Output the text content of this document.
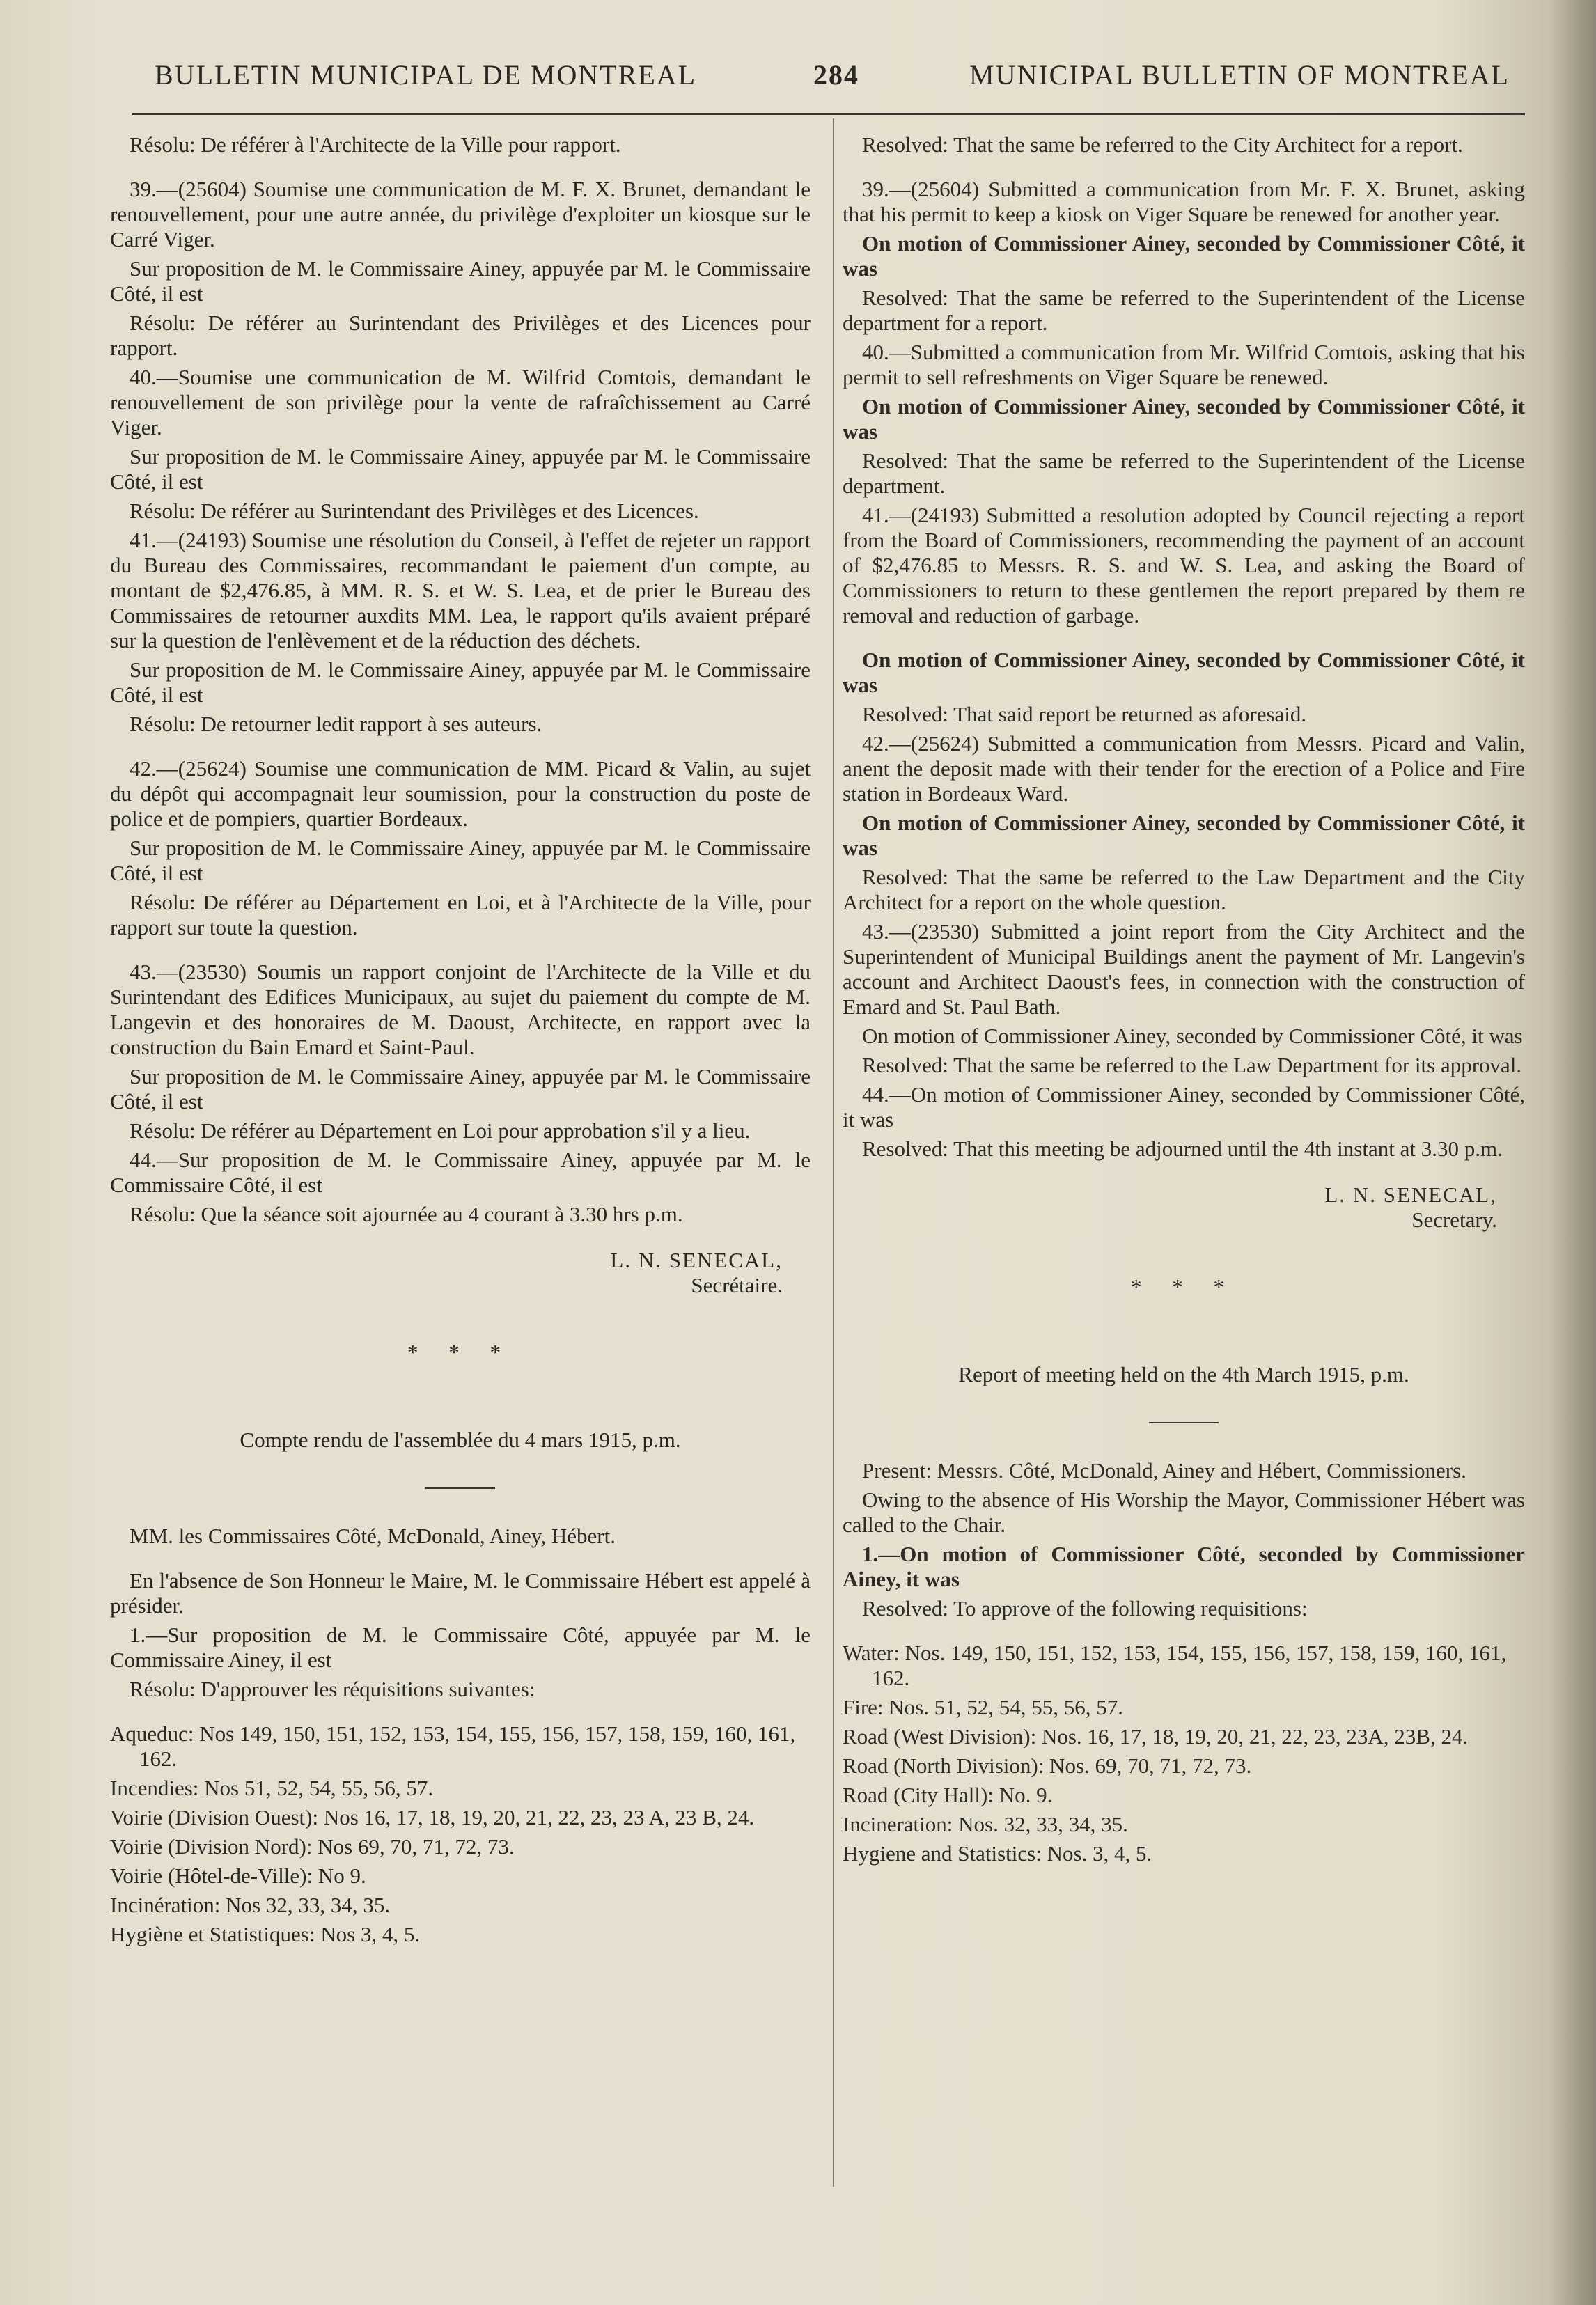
BULLETIN MUNICIPAL DE MONTREAL	284	MUNICIPAL BULLETIN OF MONTREAL

Résolu: De référer à l'Architecte de la Ville pour rapport.

39.—(25604) Soumise une communication de M. F. X. Brunet, demandant le renouvellement, pour une autre année, du privilège d'exploiter un kiosque sur le Carré Viger.

Sur proposition de M. le Commissaire Ainey, appuyée par M. le Commissaire Côté, il est

Résolu: De référer au Surintendant des Privilèges et des Licences pour rapport.

40.—Soumise une communication de M. Wilfrid Comtois, demandant le renouvellement de son privilège pour la vente de rafraîchissement au Carré Viger.

Sur proposition de M. le Commissaire Ainey, appuyée par M. le Commissaire Côté, il est

Résolu: De référer au Surintendant des Privilèges et des Licences.

41.—(24193) Soumise une résolution du Conseil, à l'effet de rejeter un rapport du Bureau des Commissaires, recommandant le paiement d'un compte, au montant de $2,476.85, à MM. R. S. et W. S. Lea, et de prier le Bureau des Commissaires de retourner auxdits MM. Lea, le rapport qu'ils avaient préparé sur la question de l'enlèvement et de la réduction des déchets.

Sur proposition de M. le Commissaire Ainey, appuyée par M. le Commissaire Côté, il est

Résolu: De retourner ledit rapport à ses auteurs.

42.—(25624) Soumise une communication de MM. Picard & Valin, au sujet du dépôt qui accompagnait leur soumission, pour la construction du poste de police et de pompiers, quartier Bordeaux.

Sur proposition de M. le Commissaire Ainey, appuyée par M. le Commissaire Côté, il est

Résolu: De référer au Département en Loi, et à l'Architecte de la Ville, pour rapport sur toute la question.

43.—(23530) Soumis un rapport conjoint de l'Architecte de la Ville et du Surintendant des Edifices Municipaux, au sujet du paiement du compte de M. Langevin et des honoraires de M. Daoust, Architecte, en rapport avec la construction du Bain Emard et Saint-Paul.

Sur proposition de M. le Commissaire Ainey, appuyée par M. le Commissaire Côté, il est

Résolu: De référer au Département en Loi pour approbation s'il y a lieu.

44.—Sur proposition de M. le Commissaire Ainey, appuyée par M. le Commissaire Côté, il est

Résolu: Que la séance soit ajournée au 4 courant à 3.30 hrs p.m.

L. N. SENECAL,

Secrétaire.

* * *

Compte rendu de l'assemblée du 4 mars 1915, p.m.

MM. les Commissaires Côté, McDonald, Ainey, Hébert.

En l'absence de Son Honneur le Maire, M. le Commissaire Hébert est appelé à présider.

1.—Sur proposition de M. le Commissaire Côté, appuyée par M. le Commissaire Ainey, il est

Résolu: D'approuver les réquisitions suivantes:

Aqueduc: Nos 149, 150, 151, 152, 153, 154, 155, 156, 157, 158, 159, 160, 161, 162.

Incendies: Nos 51, 52, 54, 55, 56, 57.

Voirie (Division Ouest): Nos 16, 17, 18, 19, 20, 21, 22, 23, 23 A, 23 B, 24.

Voirie (Division Nord): Nos 69, 70, 71, 72, 73.

Voirie (Hôtel-de-Ville): No 9.

Incinération: Nos 32, 33, 34, 35.

Hygiène et Statistiques: Nos 3, 4, 5.

Resolved: That the same be referred to the City Architect for a report.

39.—(25604) Submitted a communication from Mr. F. X. Brunet, asking that his permit to keep a kiosk on Viger Square be renewed for another year.

On motion of Commissioner Ainey, seconded by Commissioner Côté, it was

Resolved: That the same be referred to the Superintendent of the License department for a report.

40.—Submitted a communication from Mr. Wilfrid Comtois, asking that his permit to sell refreshments on Viger Square be renewed.

On motion of Commissioner Ainey, seconded by Commissioner Côté, it was

Resolved: That the same be referred to the Superintendent of the License department.

41.—(24193) Submitted a resolution adopted by Council rejecting a report from the Board of Commissioners, recommending the payment of an account of $2,476.85 to Messrs. R. S. and W. S. Lea, and asking the Board of Commissioners to return to these gentlemen the report prepared by them re removal and reduction of garbage.

On motion of Commissioner Ainey, seconded by Commissioner Côté, it was

Resolved: That said report be returned as aforesaid.

42.—(25624) Submitted a communication from Messrs. Picard and Valin, anent the deposit made with their tender for the erection of a Police and Fire station in Bordeaux Ward.

On motion of Commissioner Ainey, seconded by Commissioner Côté, it was

Resolved: That the same be referred to the Law Department and the City Architect for a report on the whole question.

43.—(23530) Submitted a joint report from the City Architect and the Superintendent of Municipal Buildings anent the payment of Mr. Langevin's account and Architect Daoust's fees, in connection with the construction of Emard and St. Paul Bath.

On motion of Commissioner Ainey, seconded by Commissioner Côté, it was

Resolved: That the same be referred to the Law Department for its approval.

44.—On motion of Commissioner Ainey, seconded by Commissioner Côté, it was

Resolved: That this meeting be adjourned until the 4th instant at 3.30 p.m.

L. N. SENECAL,

Secretary.

* * *

Report of meeting held on the 4th March 1915, p.m.

Present: Messrs. Côté, McDonald, Ainey and Hébert, Commissioners.

Owing to the absence of His Worship the Mayor, Commissioner Hébert was called to the Chair.

1.—On motion of Commissioner Côté, seconded by Commissioner Ainey, it was

Resolved: To approve of the following requisitions:

Water: Nos. 149, 150, 151, 152, 153, 154, 155, 156, 157, 158, 159, 160, 161, 162.

Fire: Nos. 51, 52, 54, 55, 56, 57.

Road (West Division): Nos. 16, 17, 18, 19, 20, 21, 22, 23, 23A, 23B, 24.

Road (North Division): Nos. 69, 70, 71, 72, 73.

Road (City Hall): No. 9.

Incineration: Nos. 32, 33, 34, 35.

Hygiene and Statistics: Nos. 3, 4, 5.
